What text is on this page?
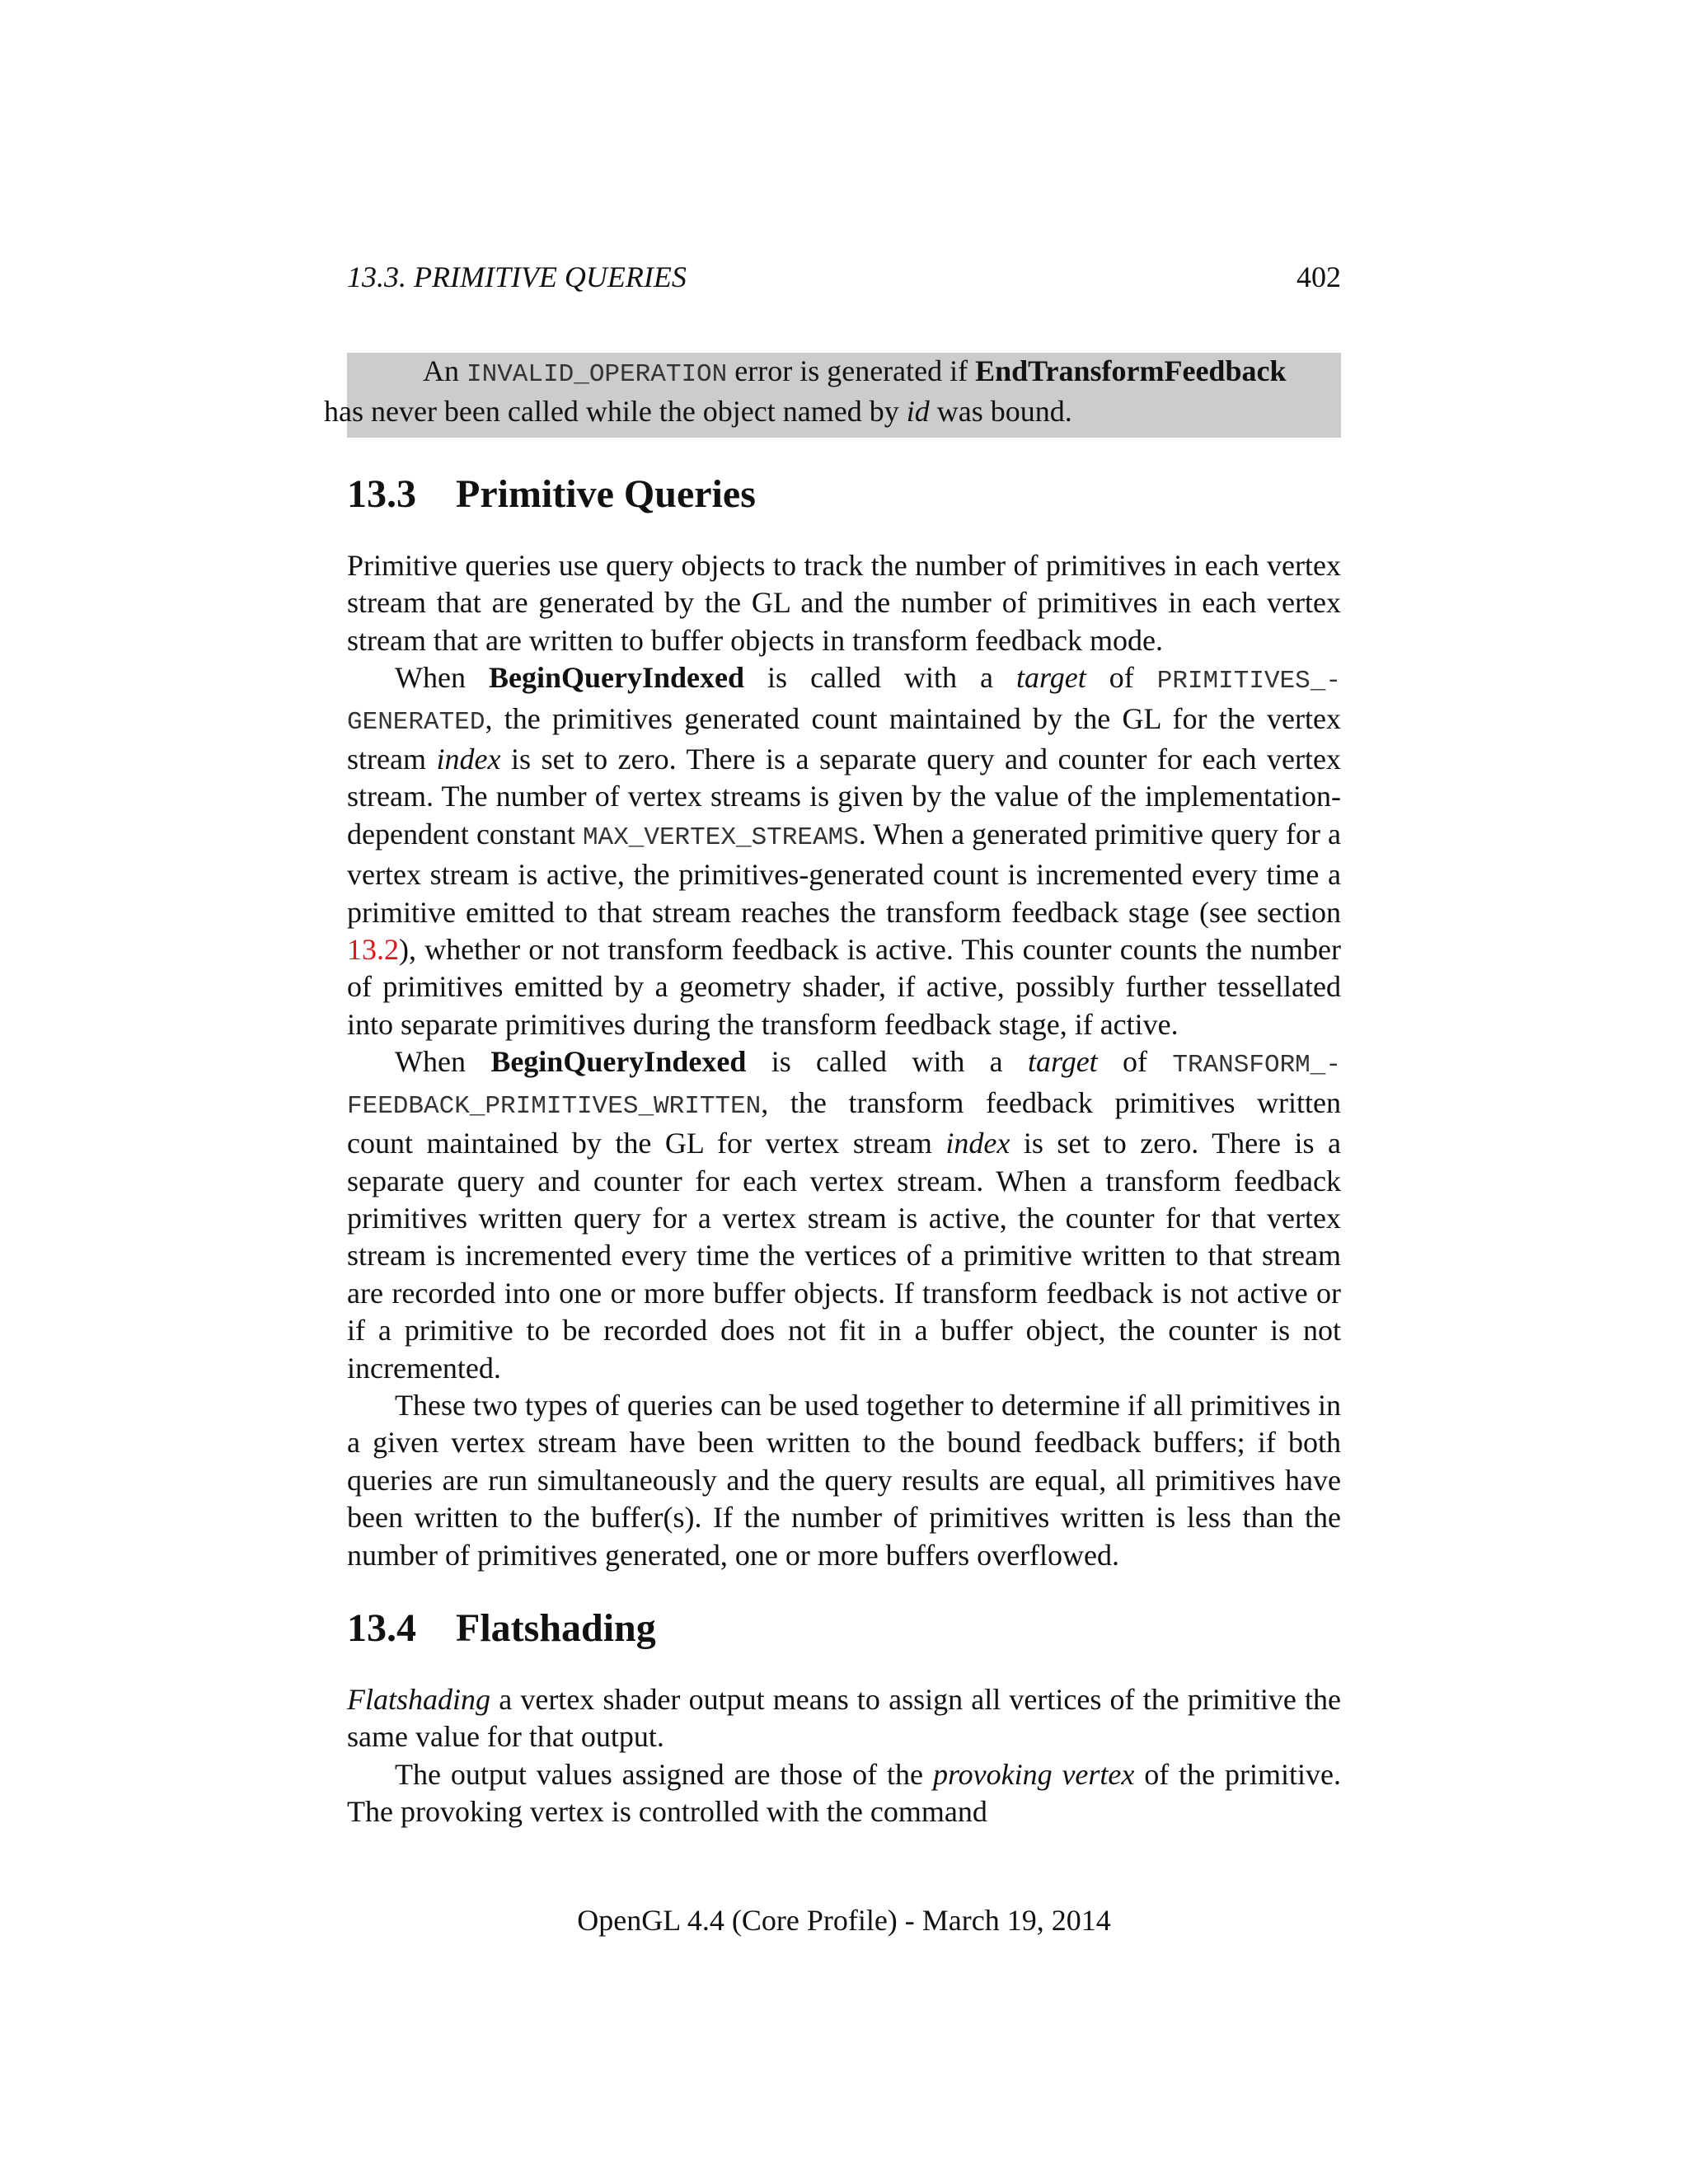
13.3. PRIMITIVE QUERIES	402

An INVALID_OPERATION error is generated if EndTransformFeedback
has never been called while the object named by id was bound.

13.3 Primitive Queries

Primitive queries use query objects to track the number of primitives in each vertex stream that are generated by the GL and the number of primitives in each vertex stream that are written to buffer objects in transform feedback mode.

When BeginQueryIndexed is called with a target of PRIMITIVES_-GENERATED, the primitives generated count maintained by the GL for the vertex stream index is set to zero. There is a separate query and counter for each vertex stream. The number of vertex streams is given by the value of the implementation-dependent constant MAX_VERTEX_STREAMS. When a generated primitive query for a vertex stream is active, the primitives-generated count is incremented every time a primitive emitted to that stream reaches the transform feedback stage (see section 13.2), whether or not transform feedback is active. This counter counts the number of primitives emitted by a geometry shader, if active, possibly further tessellated into separate primitives during the transform feedback stage, if active.

When BeginQueryIndexed is called with a target of TRANSFORM_-FEEDBACK_PRIMITIVES_WRITTEN, the transform feedback primitives written count maintained by the GL for vertex stream index is set to zero. There is a separate query and counter for each vertex stream. When a transform feedback primitives written query for a vertex stream is active, the counter for that vertex stream is incremented every time the vertices of a primitive written to that stream are recorded into one or more buffer objects. If transform feedback is not active or if a primitive to be recorded does not fit in a buffer object, the counter is not incremented.

These two types of queries can be used together to determine if all primitives in a given vertex stream have been written to the bound feedback buffers; if both queries are run simultaneously and the query results are equal, all primitives have been written to the buffer(s). If the number of primitives written is less than the number of primitives generated, one or more buffers overflowed.

13.4 Flatshading

Flatshading a vertex shader output means to assign all vertices of the primitive the same value for that output.

The output values assigned are those of the provoking vertex of the primitive. The provoking vertex is controlled with the command

OpenGL 4.4 (Core Profile) - March 19, 2014
